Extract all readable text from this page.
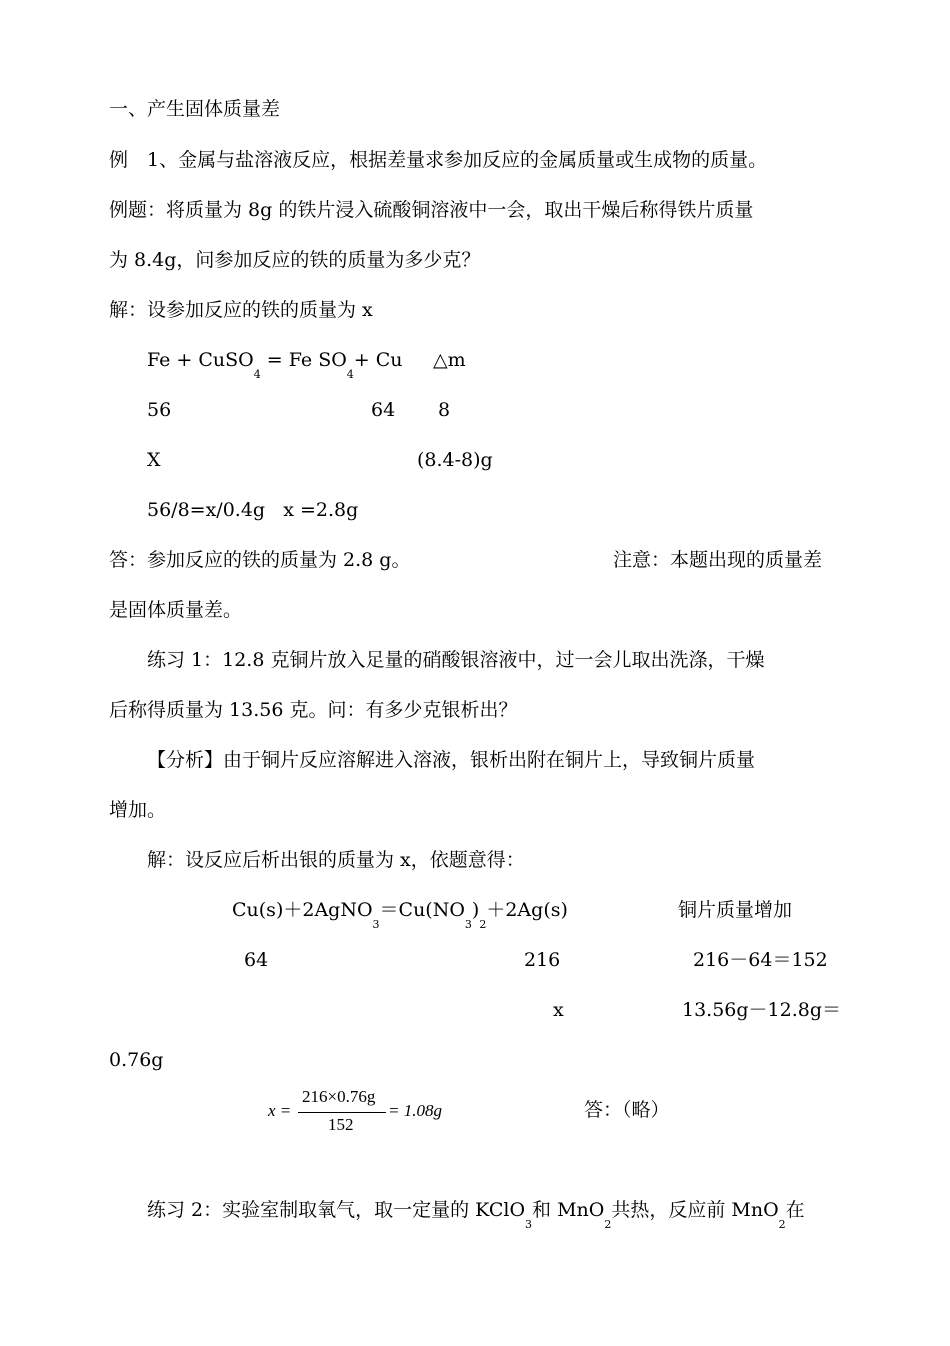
一、产生固体质量差
例　1、金属与盐溶液反应，根据差量求参加反应的金属质量或生成物的质量。
例题：将质量为 8g 的铁片浸入硫酸铜溶液中一会，取出干燥后称得铁片质量
为 8.4g，问参加反应的铁的质量为多少克？
解：设参加反应的铁的质量为 x
Fe + CuSO$_4$ = Fe $SO_4+ Cu$ △m
56	64 8
X	(8.4-8)g
56/8=x/0.4g   x =2.8g
答：参加反应的铁的质量为 2.8 g。	注意：本题出现的质量差
是固体质量差。
练习 1：12.8 克铜片放入足量的硝酸银溶液中，过一会儿取出洗涤，干燥
后称得质量为 13.56 克。问：有多少克银析出？
【分析】由于铜片反应溶解进入溶液，银析出附在铜片上，导致铜片质量
增加。
解：设反应后析出银的质量为 x，依题意得：
$Cu(s)+2AgNO_3=Cu(NO_3)_2+2Ag(s)$	铜片质量增加
64	216	216－64＝152
x	13.56g－12.8g＝
0.76g
x =
216×0.76g
152
= 1.08g	答：（略）
练习 2：实验室制取氧气，取一定量的 KClO$_3$和 MnO$_2$共热，反应前 MnO$_2$在
